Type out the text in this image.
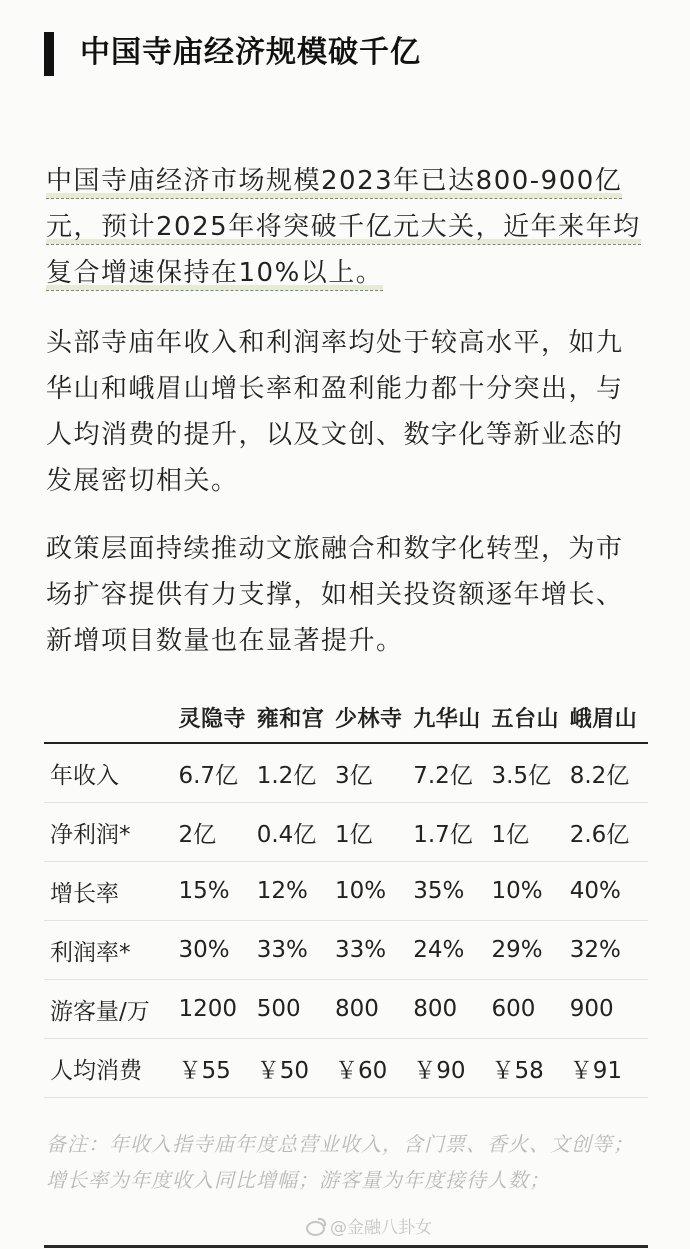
中国寺庙经济规模破千亿

中国寺庙经济市场规模2023年已达800-900亿元，预计2025年将突破千亿元大关，近年来年均复合增速保持在10%以上。

头部寺庙年收入和利润率均处于较高水平，如九华山和峨眉山增长率和盈利能力都十分突出，与人均消费的提升，以及文创、数字化等新业态的发展密切相关。

政策层面持续推动文旅融合和数字化转型，为市场扩容提供有力支撑，如相关投资额逐年增长、新增项目数量也在显著提升。

	灵隐寺	雍和宫	少林寺	九华山	五台山	峨眉山
年收入	6.7亿	1.2亿	3亿	7.2亿	3.5亿	8.2亿
净利润*	2亿	0.4亿	1亿	1.7亿	1亿	2.6亿
增长率	15%	12%	10%	35%	10%	40%
利润率*	30%	33%	33%	24%	29%	32%
游客量/万	1200	500	800	800	600	900
人均消费	￥55	￥50	￥60	￥90	￥58	￥91

备注：年收入指寺庙年度总营业收入，含门票、香火、文创等；增长率为年度收入同比增幅；游客量为年度接待人数；

@金融八卦女
